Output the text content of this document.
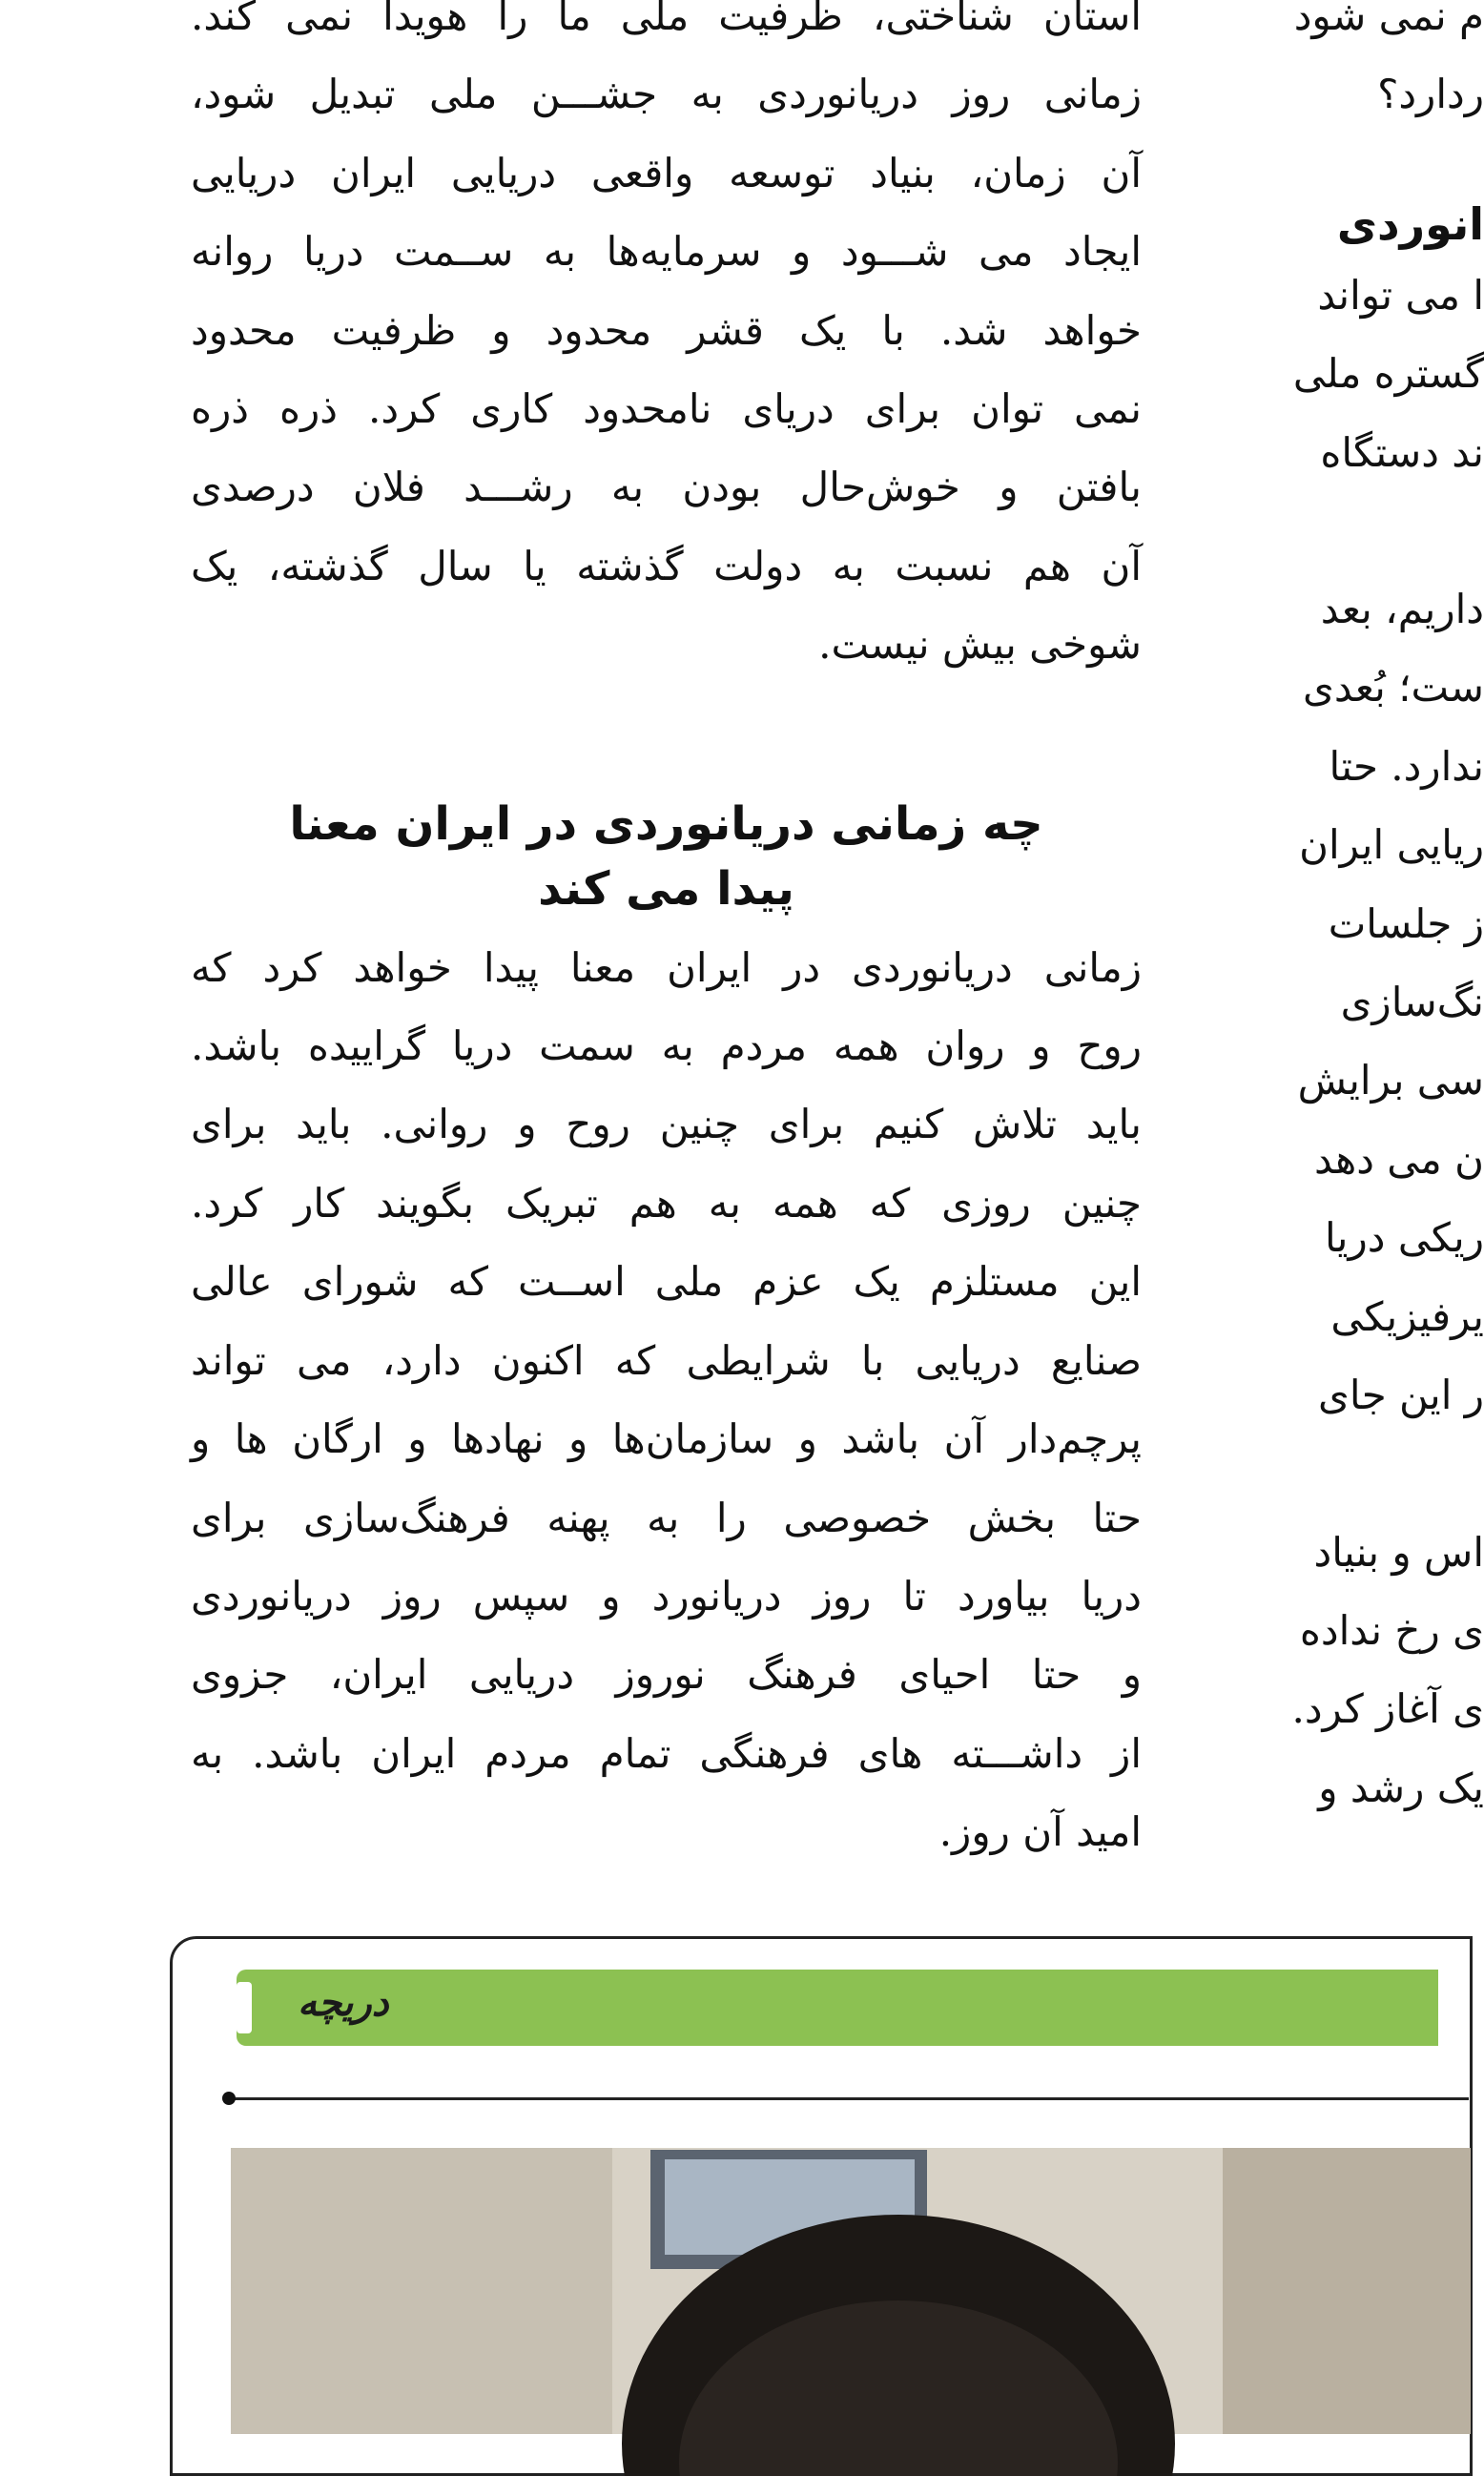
استان شناختی، ظرفیت ملی ما را هویدا نمی کند.

زمانی روز دریانوردی به جشـــن ملی تبدیل شود،

آن زمان، بنیاد توسعه واقعی دریایی ایران دریایی

ایجاد می شـــود و سرمایه‌ها به ســمت دریا روانه

خواهد شد. با یک قشر محدود و ظرفیت محدود

نمی توان برای دریای نامحدود کاری کرد. ذره ذره

بافتن و خوش‌حال بودن به رشـــد فلان درصدی

آن هم نسبت به دولت گذشته یا سال گذشته، یک

شوخی بیش نیست.

چه زمانی دریانوردی در ایران معنا

پیدا می کند

زمانی دریانوردی در ایران معنا پیدا خواهد کرد که

روح و روان همه مردم به سمت دریا گراییده باشد.

باید تلاش کنیم برای چنین روح و روانی. باید برای

چنین روزی که همه به هم تبریک بگویند کار کرد.

این مستلزم یک عزم ملی اســت که شورای عالی

صنایع دریایی با شرایطی که اکنون دارد، می تواند

پرچم‌دار آن باشد و سازمان‌ها و نهادها و ارگان ها و

حتا بخش خصوصی را به پهنه فرهنگ‌سازی برای

دریا بیاورد تا روز دریانورد و سپس روز دریانوردی

و حتا احیای فرهنگ نوروز دریایی ایران، جزوی

از داشـــته های فرهنگی تمام مردم ایران باشد. به

امید آن روز.

م نمی شود

ردارد؟

انوردی

ا می تواند

گستره ملی

ند دستگاه

داریم، بعد

ست؛ بُعدی

ندارد. حتا

ریایی ایران

ز جلسات

نگ‌سازی

سی برایش

ن می دهد

ریکی دریا

یرفیزیکی

ر این جای

اس و بنیاد

ی رخ نداده

ی آغاز کرد.

یک رشد و

دریچه
